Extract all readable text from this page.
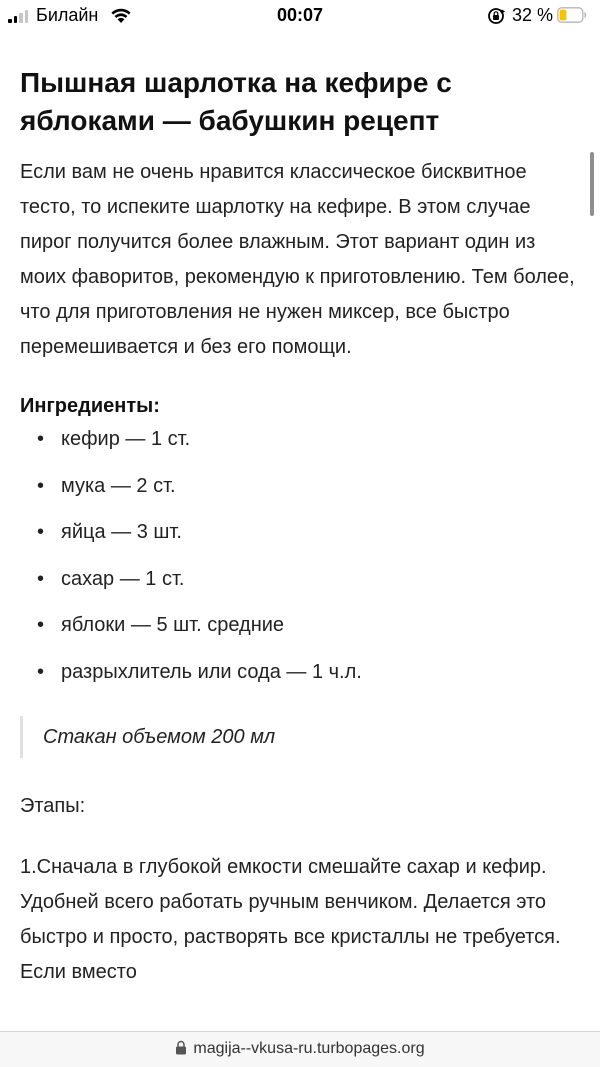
Билайн	00:07	32 %
Пышная шарлотка на кефире с яблоками — бабушкин рецепт

Если вам не очень нравится классическое бисквитное тесто, то испеките шарлотку на кефире. В этом случае пирог получится более влажным. Этот вариант один из моих фаворитов, рекомендую к приготовлению. Тем более, что для приготовления не нужен миксер, все быстро перемешивается и без его помощи.

Ингредиенты:
• кефир — 1 ст.
• мука — 2 ст.
• яйца — 3 шт.
• сахар — 1 ст.
• яблоки — 5 шт. средние
• разрыхлитель или сода — 1 ч.л.
Стакан объемом 200 мл

Этапы:

1.Сначала в глубокой емкости смешайте сахар и кефир. Удобней всего работать ручным венчиком. Делается это быстро и просто, растворять все кристаллы не требуется. Если вместо

magija--vkusa-ru.turbopages.org
